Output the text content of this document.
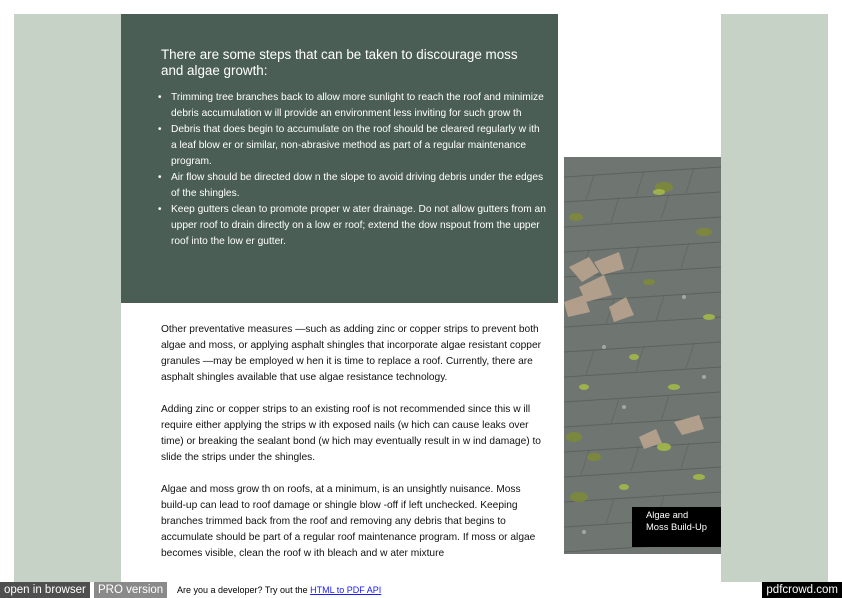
There are some steps that can be taken to discourage moss and algae growth:
• Trimming tree branches back to allow more sunlight to reach the roof and minimize debris accumulation w ill provide an environment less inviting for such grow th
• Debris that does begin to accumulate on the roof should be cleared regularly w ith a leaf blow er or similar, non-abrasive method as part of a regular maintenance program.
• Air flow should be directed dow n the slope to avoid driving debris under the edges of the shingles.
• Keep gutters clean to promote proper w ater drainage. Do not allow gutters from an upper roof to drain directly on a low er roof; extend the dow nspout from the upper roof into the low er gutter.
Algae and
Moss Build-Up

Other preventative measures —such as adding zinc or copper strips to prevent both algae and moss, or applying asphalt shingles that incorporate algae resistant copper granules —may be employed w hen it is time to replace a roof. Currently, there are asphalt shingles available that use algae resistance technology.

Adding zinc or copper strips to an existing roof is not recommended since this w ill require either applying the strips w ith exposed nails (w hich can cause leaks over time) or breaking the sealant bond (w hich may eventually result in w ind damage) to slide the strips under the shingles.

Algae and moss grow th on roofs, at a minimum, is an unsightly nuisance. Moss build-up can lead to roof damage or shingle blow -off if left unchecked. Keeping branches trimmed back from the roof and removing any debris that begins to accumulate should be part of a regular roof maintenance program. If moss or algae becomes visible, clean the roof w ith bleach and w ater mixture

open in browser	PRO version	Are you a developer? Try out the HTML to PDF API	pdfcrowd.com
